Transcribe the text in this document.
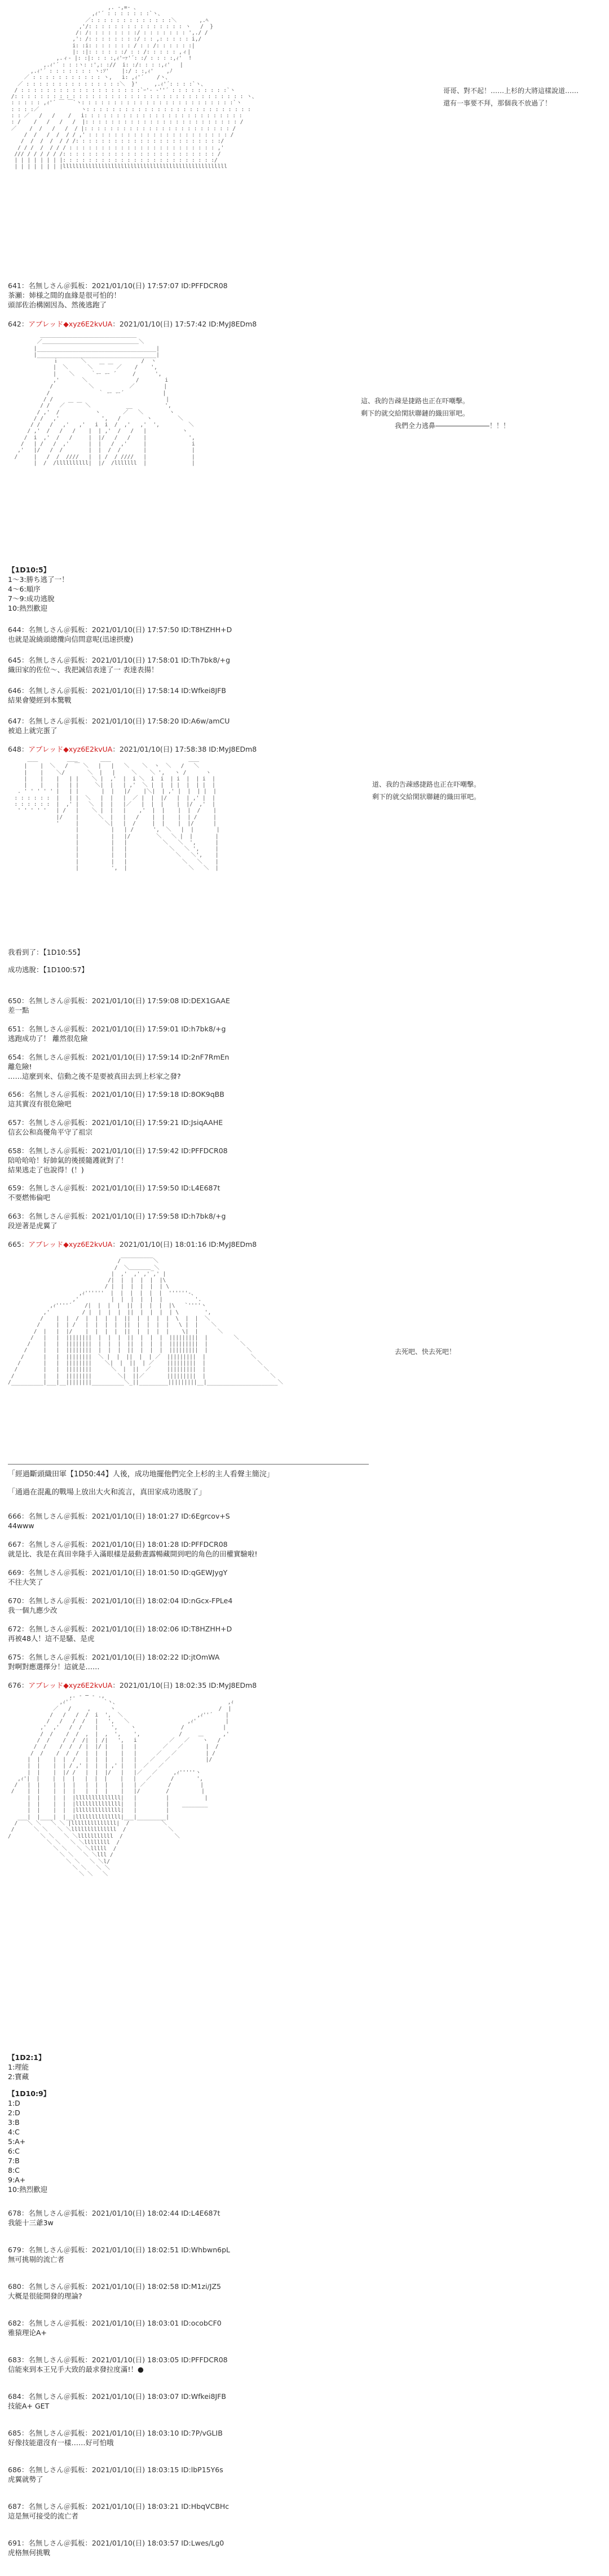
,. -,=- 、
,ｨ'´ : : : : : : :`ヽ、
／: : : : : : : : : : : : :＼       ,.ﾍ
,'/: : : : : : : : : : : : : : : ヽ   /  }
/: /: : : : : : : :/ : : : : : : : ',./ /
,': /: : : : : : : :/ : : ,: : : : : i,/
i: :i: : : : : : : / : : /: : : : : :|
|: :|: : : : : :/ : : /: : : : : ,ィ|
,.ィ‐ |: :|: : : :,ｨ'ｰｧ'´: :/ : : : :,ｨ'  !
,.ｨ'´ : : :ヽ: :',: ://  i: :/: : : :,ｨ'   |
,.ｨ'´ : : : : : : : ヽ:ｿ'    |:/ : :,ｨ'    ,ﾉ
／ : : : : : : : : : : : ヽ,   i: ,ｨ'´    /ヽ、
／ : : : : : : : : : : : : : : :＼  }'     ,.ｨ'´: : : :`ヽ、
/ : : : : : : : : : : : : : : : : : : :`ｰ'- ‐''´ : : : : : : : : :`ヽ
/: : : : : : : : : : : : : : : : : : : : : : : : : : : : : : : : : : : : ヽ、
: : : : : ,ｨ'´ ￣ ￣`ヽ: : : : : : : : : : : : : : : : : : : : : : : :`ヽ
: : : :／             ヽ: : : : : : : : : : : : : : : : : : : : : : : : : :
: : ／   /   /    /   i: : : : : : : : : : : : : : : : : : : : : : : : :
: /    /   /   /   /  |: : : : : : : : : : : : : : : : : : : : : : : : /
／    /  /   /   /  / |: : : : : : : : : : : : : : : : : : : : : : : /
/  /   /  /  / / ,' : : : : : : : : : : : : : : : : : : : : : : /
/  /  /  /  / / /: : : : : : : : : : : : : : : : : : : : : : :/
/ / /  /  / / / : : : : : : : : : : : : : : : : : : : : : : : ,'
/// / / / / / /: : : : : : : : : : : : : : : : : : : : : : : : /
| | | | | | | |: : : : : : : : : : : : : : : : : : : : : : : :/
| | | | | | | |lllllllllllllllllllllllllllllllllllllllllllllllllll
哥哥、對不起！……上杉的大將這樣說道……
還有一事要不拜，那個我不放過了！
641：名無しさん＠狐板：2021/01/10(日) 17:57:07 ID:PFFDCR08
茶瀬：姉様之間的血緣是很可怕的！
頭部佐治構園因為、然後逃跑了
642：アブレッド◆xyz6E2kvUA：2021/01/10(日) 17:57:42 ID:MyJ8EDm8
＿＿＿＿＿＿＿＿＿＿＿＿＿＿＿＿＿＿
／＿＿＿＿＿＿＿＿＿＿＿＿＿＿＿＿＿＿＼
|_____________________________________|
|_____________________________________|
ｉ       ＼                 /  ヽ
|  ＼      ＼  ￣ ￣ ／    /    ',
|    ＼     ｀ー ー ´     /      ',
,'       ＼               /        i
/           ＼           ／         |
/               ｀ ー ー´            |
/ /                                   |
/ /   ／ ￣ ￣ ＼           __          ',
/ ,'  /           ヽ       ／   ＼        ヽ
/ /   ,'             ',   /        ヽ        ＼
/ /   /   ,'   ,'   i  i  /  ,'   ,'  ',         ＼
/ ,'  /   /   /    |  | ,'  /   /   |           ヽ
/  i  ,'  /   /     |  |/   /   /    |             ',
/   | /   /  ,'      |  |   /  ,'     |              i
,'   |/   /  /        |  |  /  /       |              |
/     |   /  /  ////   |  | /  / ////   |              |
|  /  /llllllllll|  |/  /lllllll  |              |
這、我的告疎是捷路也正在吓嘲擊。
剩下的就交給閑狀聯鏈的織田軍吧。
我們全力逃鼻――――――――！！！
【1D10:5】
1〜3:勝ち逃了一！
4〜6:順序
7〜9:成功逃脫
10:熱烈歡迎
644：名無しさん＠狐板：2021/01/10(日) 17:57:50 ID:T8HZHH+D
也就是說繞頭總攬向信問意呢(迅速摂慶)
645：名無しさん＠狐板：2021/01/10(日) 17:58:01 ID:Th7bk8/+g
織田家的佐位〜、我把誠信表達了一 表達表揚！
646：名無しさん＠狐板：2021/01/10(日) 17:58:14 ID:Wfkei8JFB
結果會變經到本驚戰
647：名無しさん＠狐板：2021/01/10(日) 17:58:20 ID:A6w/amCU
被追上就完蛋了
648：アブレッド◆xyz6E2kvUA：2021/01/10(日) 17:58:38 ID:MyJ8EDm8
＿＿         ＿＿       ＿＿                        ＿＿
|    |  ＼   /  ￣ ＼   |   |   ＼    ＼  ヽ  ＼   /   ＼
|    |    ＼/       ＼  |   |     ＼    ＼ ',   ヽ /      ヽ
|    |    |   | |    ＼ |  ,'  |  i ＼  i  i  | i  |  | i  |
|    |    |   | |     ＼|  |   | ,'  ＼ |  |  | |  |  | |  |
. ' ' ' ' ' |   | |       |  |   |/    |＼|  | ,' |  |  | |  |
: : : : : :  |   | |  ＼   |  |   |  ／ |  |  |/   |  | ,' |  |
: : : : : :  |  ,' |   ＼  |  |   |／   |  |  |    |  |/  ,'  |
' ' ' ' '   | /   |    ＼ |  |   |    ,'  |  |    |  |  /    |
|/    |      ＼  |   |   /    |  |    |  | /     |
'     |        ＼|   |  /     |  |    |  |/      |
|          |   | /      ',  ＼   |  |       |
|          |   |/        ＼   ＼ |  |       |
|          |   |           ＼   ＼  ',      |
|          |   |             ＼   ＼ ',     |
|          |   |               ＼   ＼',    |
|          |   |                 ＼   ＼    |
|          ',  |                   ＼   ＼  |
道、我的告疎感捷路也正在吓嘲擊。
剩下的就交給閑狀聯鏈的織田軍吧。
我看到了：【1D10:55】
成功逃脫：【1D100:57】
650：名無しさん＠狐板：2021/01/10(日) 17:59:08 ID:DEX1GAAE
差一點
651：名無しさん＠狐板：2021/01/10(日) 17:59:01 ID:h7bk8/+g
逃跑成功了！ 離然很危險
654：名無しさん＠狐板：2021/01/10(日) 17:59:14 ID:2nF7RmEn
離危險!
……這麼到來、信動之後不是要被真田去到上杉家之發?
656：名無しさん＠狐板：2021/01/10(日) 17:59:18 ID:8OK9qBB
這其實沒有很危險吧
657：名無しさん＠狐板：2021/01/10(日) 17:59:21 ID:JsiqAAHE
信玄公和高優角平守了祖宗
658：名無しさん＠狐板：2021/01/10(日) 17:59:42 ID:PFFDCR08
陪哈哈哈！好帥氣的後援隨護就對了！
結果逃走了也說得！(！)
659：名無しさん＠狐板：2021/01/10(日) 17:59:50 ID:L4E687t
不要燃怖倫吧
663：名無しさん＠狐板：2021/01/10(日) 17:59:58 ID:h7bk8/+g
段逆著是虎翼了
665：アブレッド◆xyz6E2kvUA：2021/01/10(日) 18:01:16 ID:MyJ8EDm8
__________
/          ＼
/  ＼＿＿＿＿_＼
|  ,'  ,' ,' ,' |
/|  |  |  |  |  |\
/ |  |  |  |  |  | \
,ｨ''''''  |  |  |  |  |  |  ''''''-、
,'          |  |  |  |  |  |          '.
,ｨ''''´    /|  |  |  |  ||  |  |  |  |\   `''''ヽ
,'          / |  |  |  |  ||  |  |  |  | \        ',
/    |  |  /  |  |  |  |  ||  |  |  |  |  \  |  |  ＼
/     |  | /   |  |  |  |  ||  |  |  |  |   \ |  |    ＼
/  |   |  |/    |  |  |  |  ||  |  |  |  |    \|  |      ＼
/   |   |  ||||||||  |  |  |  ||  |  |  |  |||||||||  |        ＼
/    |   |  ||||||||  |  |  |  ||  |  |  |  |||||||||  |          ＼
/     |   |  ||||||||  |  |  |  ||  |  |  |  |||||||||  |            ＼
/      |   |  ||||||||  ＼ |  |  ||  |  | ／  |||||||||  |              ＼
/       |   |  ||||||||    ＼|  |  ||  | ／    |||||||||  |                ＼
/        |   |  ||||||||      ＼  |  ||  ／     |||||||||  |                  ＼
/         |   |  ||||||||        ＼|  ||／       |||||||||  |                    ＼
/__________|___|__||||||||__________＼_||_________|||||||||__|______________________＼
去死吧、快去死吧！
「經過斷頭織田軍【1D50:44】人後，成功地擺他們完全上杉的主人看聲主簡浣」
「通過在混亂的戰場上放出大火和流言，真田家成功逃脫了」
666：名無しさん＠狐板：2021/01/10(日) 18:01:27 ID:6Egrcov+S
44www
667：名無しさん＠狐板：2021/01/10(日) 18:01:28 ID:PFFDCR08
就是比、我是在真田幸隆手入滿眼樣是最動晝露暢藏開到吧的角色的田權實驗啦!
669：名無しさん＠狐板：2021/01/10(日) 18:01:50 ID:qGEWJygY
不往大笑了
670：名無しさん＠狐板：2021/01/10(日) 18:02:04 ID:nGcx-FPLe4
我一個九應少改
672：名無しさん＠狐板：2021/01/10(日) 18:02:06 ID:T8HZHH+D
再被48人！這不是騷、是虎
675：名無しさん＠狐板：2021/01/10(日) 18:02:22 ID:jtOmWA
對啊對應選擇分！這就是……
676：アブレッド◆xyz6E2kvUA：2021/01/10(日) 18:02:35 ID:MyJ8EDm8
,. - ─ - .,
,ｨ'´          `ヽ、                                  ,ｨ
／   /     ,      ヽ                                /  |
/   /   /  /  i  ',  ＼                       ,ｨ''´    |
/   /   /  /   |   ',   ＼                  ,ｨ'         |
,'  ,'   /  /    |    ',    ヽ              /            |
/  /    /  /  ,  |  ,  ',    ',            /     ＿      ,'
/  /    /  /  /|  | /|   ',   i          ／   ／    ヽ   /
/  /    /  /  / |  |/ |    |   |        ／   ／       |  /
/  /    /  /  /  |  |  |    |   |      ／   ／         | /
|  |    |  |  /   |  |  |    |   |    ／   ／           |/
|  |    |  | / ,' |  |  | ,' |   |  ／   ／
|  |    |  |/ /   |  |  |/   |   |／   ／     ,ｨ'''''ヽ
,ｨ'|  |    |  |  |   |  |  |    |   |   ／      /       ',
/   |  |    |  |  |   |  |  |    |   | ／       /         |
/    |  |    |  |  |   |  |  |    |   |/        /          |
|  |    |  |  |llllllllllllll|   |         |           |
|  |    |  |  |llllllllllllll|   |         |    ________
|  |    |  |  |llllllllllllll|   |         |
___|  |____|  |__|llllllllllllll|___|_________|
/   ＼ ＼   ＼ ＼ |llllllllllllll|  /          ＼
/      ＼ ＼   ＼ ＼llllllllllllll  /             ＼
/         ＼ ＼   ＼ ＼lllllllllll  /                ＼
＼ ＼   ＼ ＼llllllll  /
＼ ＼   ＼ ＼lllll  /
＼ ＼   ＼ ＼lll /
＼ ＼   ＼ ＼l/
＼ ＼   ＼ ＼
＼ ＼   ＼
【1D2:1】
1:理能
2:寶藏
【1D10:9】
1:D
2:D
3:B
4:C
5:A+
6:C
7:B
8:C
9:A+
10:熱烈歡迎
678：名無しさん＠狐板：2021/01/10(日) 18:02:44 ID:L4E687t
我能十三爺3w
679：名無しさん＠狐板：2021/01/10(日) 18:02:51 ID:Whbwn6pL
無可挑剔的流亡者
680：名無しさん＠狐板：2021/01/10(日) 18:02:58 ID:M1zi/JZ5
大概是很能開發的理論?
682：名無しさん＠狐板：2021/01/10(日) 18:03:01 ID:ocobCF0
雅猿理论A+
683：名無しさん＠狐板：2021/01/10(日) 18:03:05 ID:PFFDCR08
信能來到本王兄手大致的最求發拉度滿!！●
684：名無しさん＠狐板：2021/01/10(日) 18:03:07 ID:Wfkei8JFB
技能A+ GET
685：名無しさん＠狐板：2021/01/10(日) 18:03:10 ID:7P/vGLIB
好像技能還沒有一樣……好可怕哦
686：名無しさん＠狐板：2021/01/10(日) 18:03:15 ID:lbP15Y6s
虎翼就勢了
687：名無しさん＠狐板：2021/01/10(日) 18:03:21 ID:HbqVCBHc
這是無可接受的流亡者
691：名無しさん＠狐板：2021/01/10(日) 18:03:57 ID:Lwes/Lg0
虎格無何挑戰
